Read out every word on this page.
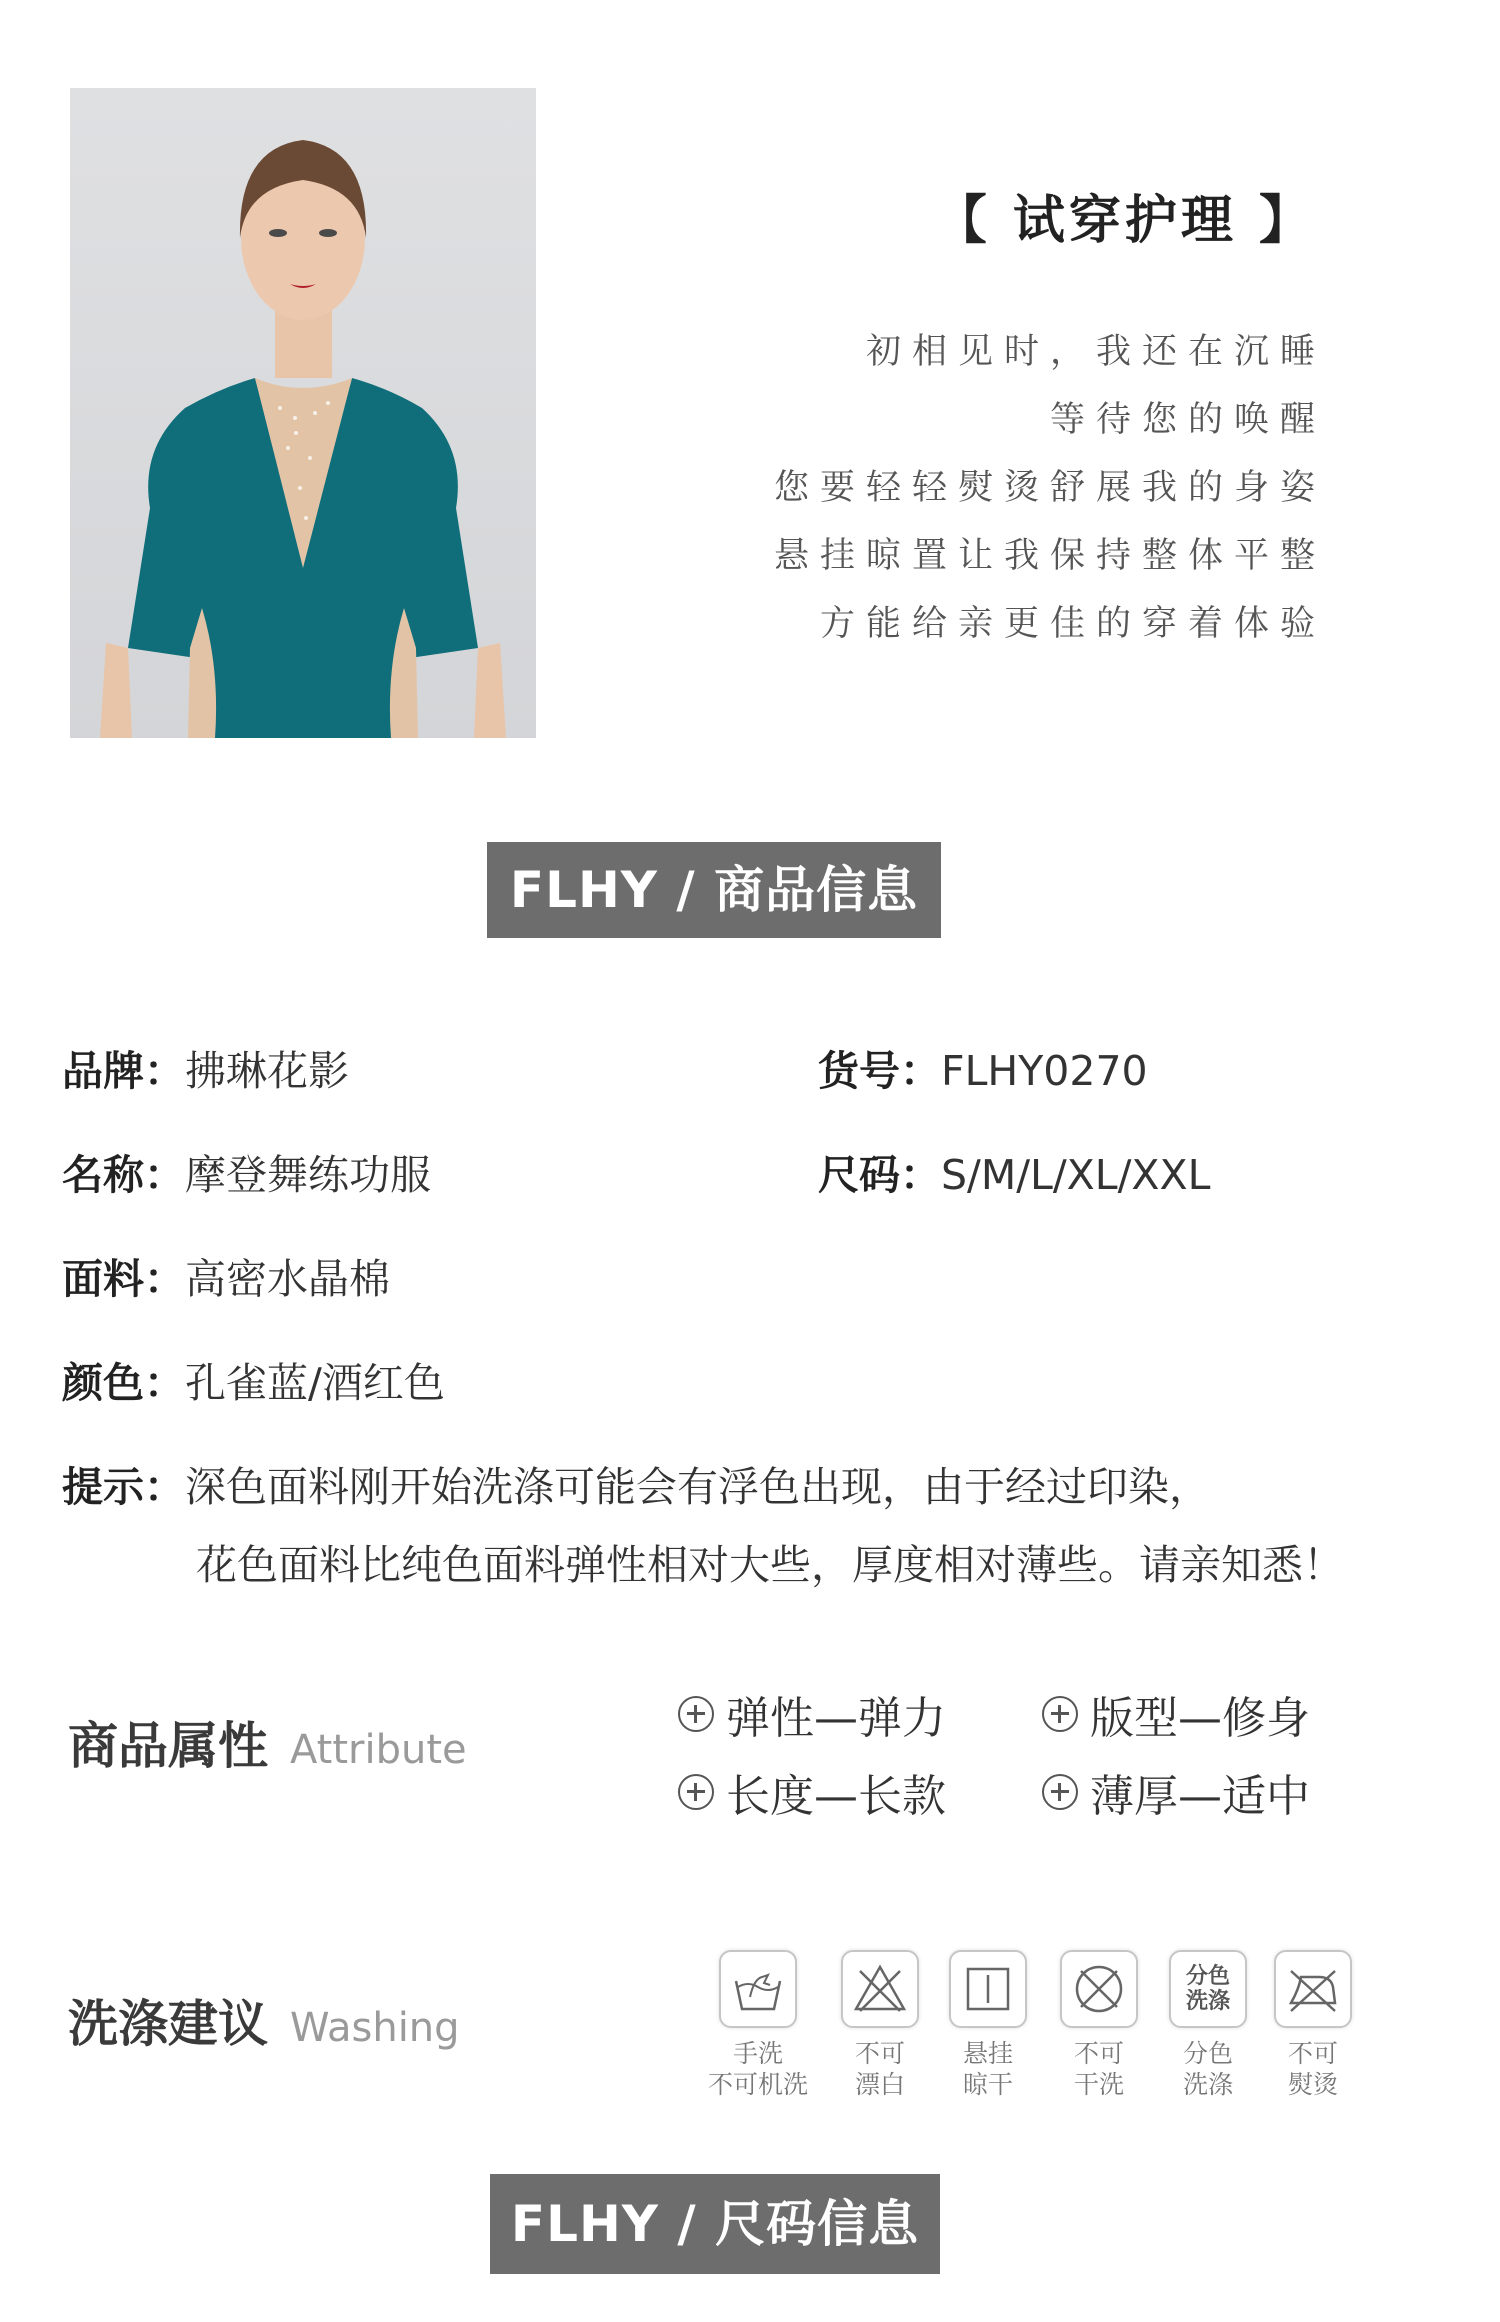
【 试穿护理 】
初相见时，我还在沉睡
等待您的唤醒
您要轻轻熨烫舒展我的身姿
悬挂晾置让我保持整体平整
方能给亲更佳的穿着体验
FLHY / 商品信息
品牌：拂琳花影	货号：FLHY0270
名称：摩登舞练功服	尺码：S/M/L/XL/XXL
面料：高密水晶棉
颜色：孔雀蓝/酒红色
提示：深色面料刚开始洗涤可能会有浮色出现，由于经过印染，
花色面料比纯色面料弹性相对大些，厚度相对薄些。请亲知悉！
商品属性 Attribute
弹性—弹力	版型—修身
长度—长款	薄厚—适中
洗涤建议 Washing
手洗
不可机洗
不可
漂白
悬挂
晾干
不可
干洗
分色
洗涤
分色
洗涤
不可
熨烫
FLHY / 尺码信息
